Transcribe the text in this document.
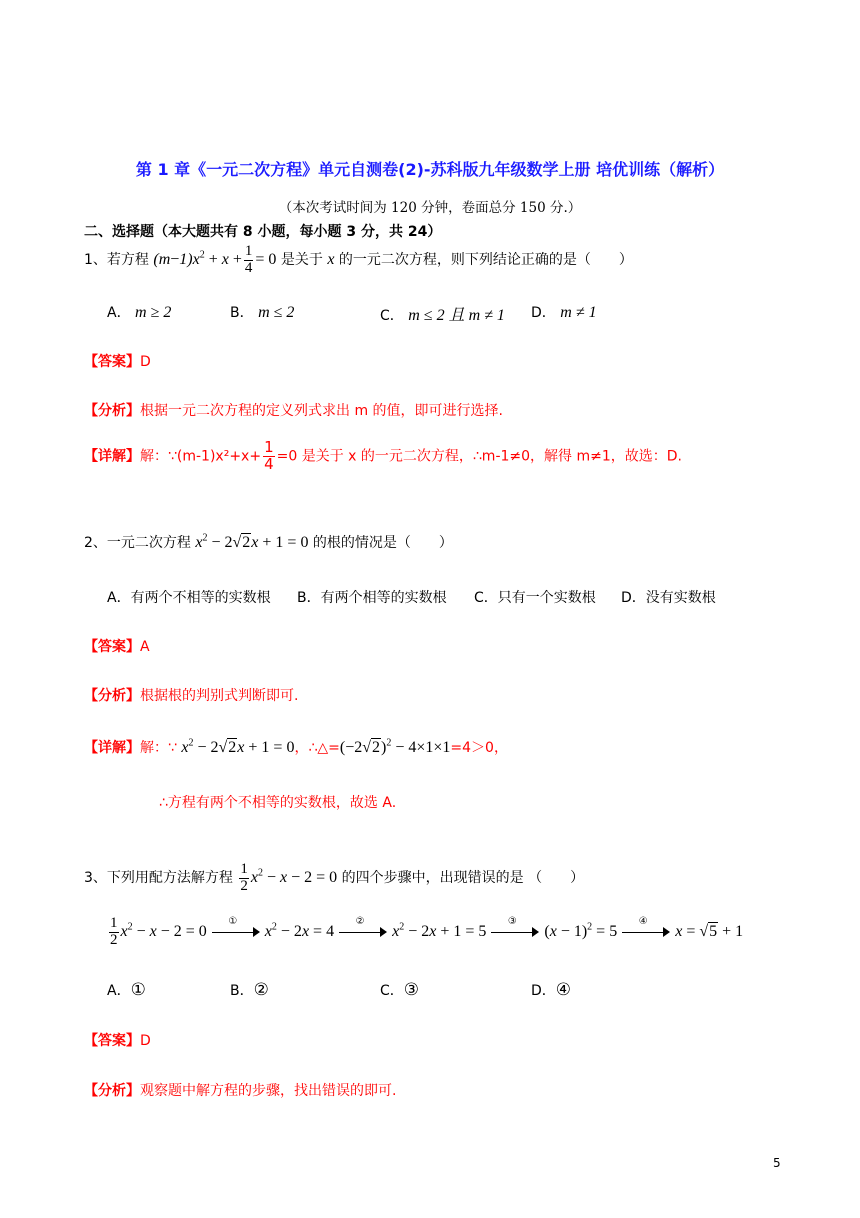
第 1 章《一元二次方程》单元自测卷(2)-苏科版九年级数学上册 培优训练（解析）
（本次考试时间为 120 分钟，卷面总分 150 分.）
二、选择题（本大题共有 8 小题，每小题 3 分，共 24）
1、若方程 $(m-1)x^2 + x + \frac{1}{4} = 0$ 是关于 x 的一元二次方程，则下列结论正确的是（　　）
A． m ≥ 2	B． m ≤ 2	C． m ≤ 2 且 m ≠ 1 D． m ≠ 1
【答案】D
【分析】根据一元二次方程的定义列式求出 m 的值，即可进行选择.
【详解】解：∵(m-1)x²+x+ $\frac{1}{4} =0$ 是关于 x 的一元二次方程，∴m-1≠0，解得 m≠1，故选：D.
2、一元二次方程 $x^2 - 2√2x + 1 = 0$ 的根的情况是（　　）
A．有两个不相等的实数根 B．有两个相等的实数根 C．只有一个实数根 D．没有实数根
【答案】A
【分析】根据根的判别式判断即可.
【详解】解：∵ $x^2 - 2√2x + 1 = 0$，$\therefore\triangle=(-2√2)^2 - 4\times 1\times 1=4>0$，
∴方程有两个不相等的实数根，故选 A.
3、下列用配方法解方程 $\frac{1}{2} x^2 - x - 2 = 0$ 的四个步骤中，出现错误的是 （　　）
$\frac{1}{2} x^2 - x - 2 = 0$
①
$x^2 - 2x = 4$
②
$x^2 - 2x + 1 = 5$
③
$(x - 1)^2 = 5$
④
x = √5 + 1
A．①	B．②	C．③	D．④
【答案】D
【分析】观察题中解方程的步骤，找出错误的即可.
5
